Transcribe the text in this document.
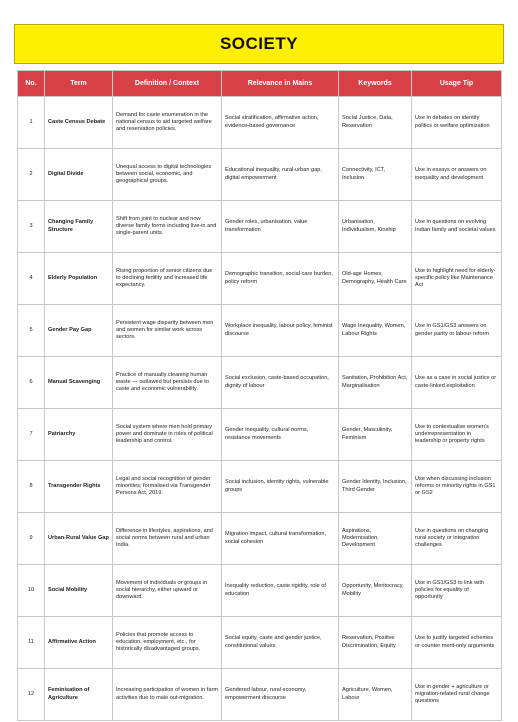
SOCIETY
No.	Term	Definition / Context	Relevance in Mains	Keywords	Usage Tip
1	Caste Census Debate	Demand for caste enumeration in the national census to aid targeted welfare and reservation policies.	Social stratification, affirmative action, evidence-based governance	Social Justice, Data, Reservation	Use in debates on identity politics or welfare optimization
2	Digital Divide	Unequal access to digital technologies between social, economic, and geographical groups.	Educational inequality, rural-urban gap, digital empowerment	Connectivity, ICT, Inclusion	Use in essays or answers on inequality and development
3	Changing Family Structure	Shift from joint to nuclear and now diverse family forms including live-in and single-parent units.	Gender roles, urbanisation, value transformation	Urbanisation, Individualism, Kinship	Use in questions on evolving Indian family and societal values
4	Elderly Population	Rising proportion of senior citizens due to declining fertility and increased life expectancy.	Demographic transition, social care burden, policy reform	Old-age Homes, Demography, Health Care	Use to highlight need for elderly-specific policy like Maintenance Act
5	Gender Pay Gap	Persistent wage disparity between men and women for similar work across sectors.	Workplace inequality, labour policy, feminist discourse	Wage Inequality, Women, Labour Rights	Use in GS1/GS3 answers on gender parity or labour reform
6	Manual Scavenging	Practice of manually cleaning human waste — outlawed but persists due to caste and economic vulnerability.	Social exclusion, caste-based occupation, dignity of labour	Sanitation, Prohibition Act, Marginalisation	Use as a case in social justice or caste-linked exploitation
7	Patriarchy	Social system where men hold primary power and dominate in roles of political leadership and control.	Gender inequality, cultural norms, resistance movements	Gender, Masculinity, Feminism	Use to contextualise women's underrepresentation in leadership or property rights
8	Transgender Rights	Legal and social recognition of gender minorities; formalised via Transgender Persons Act, 2019.	Social inclusion, identity rights, vulnerable groups	Gender Identity, Inclusion, Third Gender	Use when discussing inclusion reforms or minority rights in GS1 or GS2
9	Urban-Rural Value Gap	Difference in lifestyles, aspirations, and social norms between rural and urban India.	Migration impact, cultural transformation, social cohesion	Aspirations, Modernisation, Development	Use in questions on changing rural society or integration challenges
10	Social Mobility	Movement of individuals or groups in social hierarchy, either upward or downward.	Inequality reduction, caste rigidity, role of education	Opportunity, Meritocracy, Mobility	Use in GS1/GS3 to link with policies for equality of opportunity
11	Affirmative Action	Policies that promote access to education, employment, etc., for historically disadvantaged groups.	Social equity, caste and gender justice, constitutional values	Reservation, Positive Discrimination, Equity	Use to justify targeted schemes or counter merit-only arguments
12	Feminisation of Agriculture	Increasing participation of women in farm activities due to male out-migration.	Gendered labour, rural economy, empowerment discourse	Agriculture, Women, Labour	Use in gender + agriculture or migration-related rural change questions
